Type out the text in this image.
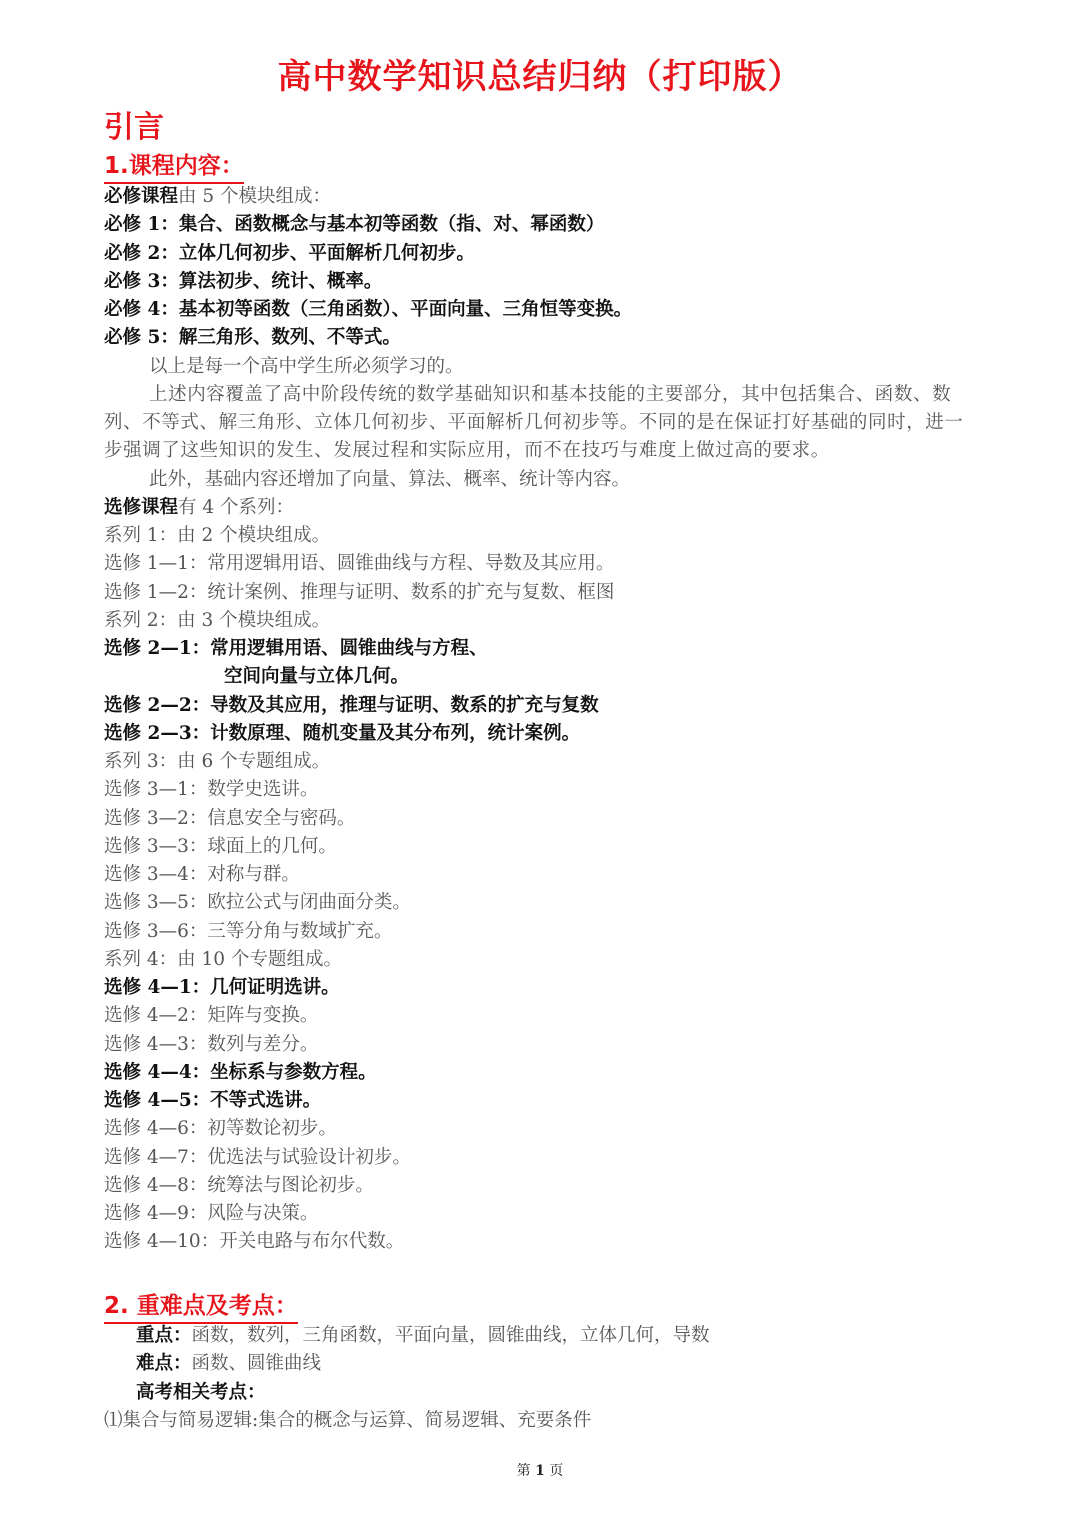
高中数学知识总结归纳（打印版）
引言
1.课程内容：
必修课程由 5 个模块组成：
必修 1：集合、函数概念与基本初等函数（指、对、幂函数）
必修 2：立体几何初步、平面解析几何初步。
必修 3：算法初步、统计、概率。
必修 4：基本初等函数（三角函数）、平面向量、三角恒等变换。
必修 5：解三角形、数列、不等式。
以上是每一个高中学生所必须学习的。
上述内容覆盖了高中阶段传统的数学基础知识和基本技能的主要部分，其中包括集合、函数、数列、不等式、解三角形、立体几何初步、平面解析几何初步等。不同的是在保证打好基础的同时，进一步强调了这些知识的发生、发展过程和实际应用，而不在技巧与难度上做过高的要求。
此外，基础内容还增加了向量、算法、概率、统计等内容。
选修课程有 4 个系列：
系列 1：由 2 个模块组成。
选修 1—1：常用逻辑用语、圆锥曲线与方程、导数及其应用。
选修 1—2：统计案例、推理与证明、数系的扩充与复数、框图
系列 2：由 3 个模块组成。
选修 2—1：常用逻辑用语、圆锥曲线与方程、
空间向量与立体几何。
选修 2—2：导数及其应用，推理与证明、数系的扩充与复数
选修 2—3：计数原理、随机变量及其分布列，统计案例。
系列 3：由 6 个专题组成。
选修 3—1：数学史选讲。
选修 3—2：信息安全与密码。
选修 3—3：球面上的几何。
选修 3—4：对称与群。
选修 3—5：欧拉公式与闭曲面分类。
选修 3—6：三等分角与数域扩充。
系列 4：由 10 个专题组成。
选修 4—1：几何证明选讲。
选修 4—2：矩阵与变换。
选修 4—3：数列与差分。
选修 4—4：坐标系与参数方程。
选修 4—5：不等式选讲。
选修 4—6：初等数论初步。
选修 4—7：优选法与试验设计初步。
选修 4—8：统筹法与图论初步。
选修 4—9：风险与决策。
选修 4—10：开关电路与布尔代数。
2. 重难点及考点：
重点：函数，数列，三角函数，平面向量，圆锥曲线，立体几何，导数
难点：函数、圆锥曲线
高考相关考点：
⑴集合与简易逻辑:集合的概念与运算、简易逻辑、充要条件
第 1 页
